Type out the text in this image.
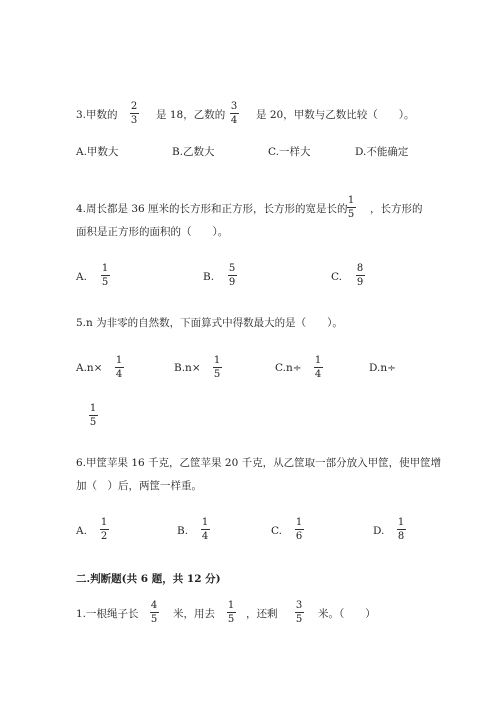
3.甲数的
2
3 是 18，乙数的
3
4 是 20，甲数与乙数比较（　　）。
A.甲数大	B.乙数大	C.一样大	D.不能确定
4.周长都是 36 厘米的长方形和正方形，长方形的宽是长的
1
5 ，长方形的
面积是正方形的面积的（　　）。
A.
1
5	B.
5
9	C.
8
9
5.n 为非零的自然数，下面算式中得数最大的是（　　）。
A.n×
1
4
B.n×
1
5
C.n÷
1
4
D.n÷
1
5
6.甲筐苹果 16 千克，乙筐苹果 20 千克，从乙筐取一部分放入甲筐，使甲筐增
加（　）后，两筐一样重。
A.
1
2	B.
1
4	C.
1
6	D.
1
8
二.判断题(共 6 题，共 12 分)
1.一根绳子长
4
5 米，用去
1
5 ，还剩
3
5 米。（　　）
